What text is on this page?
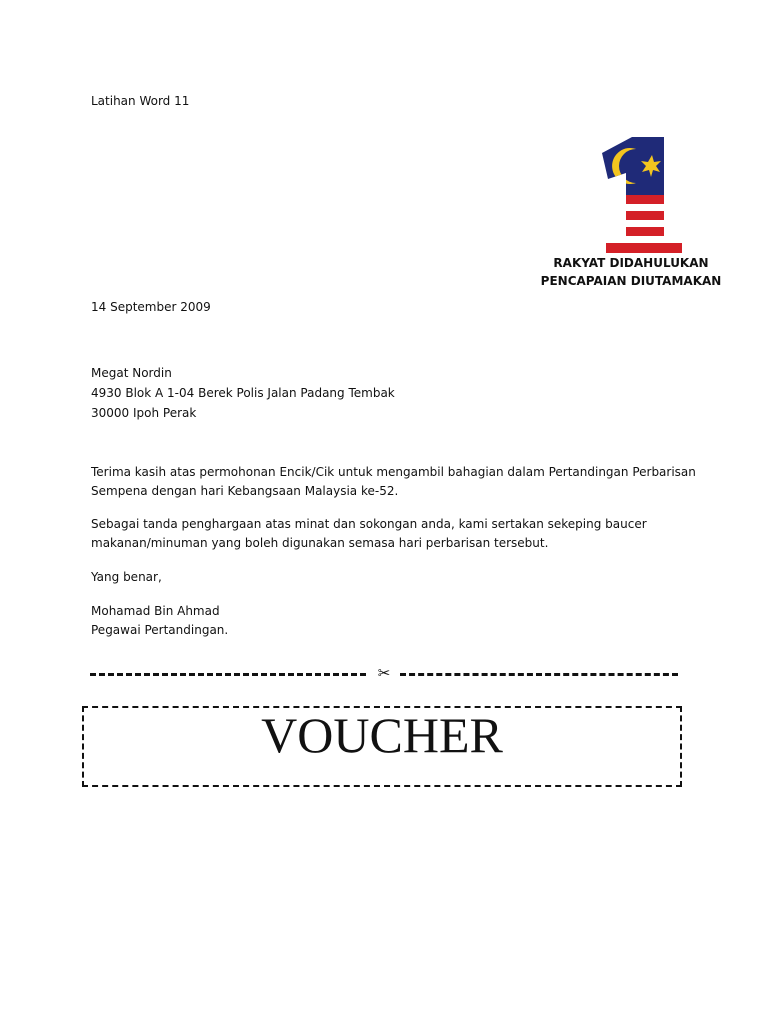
Latihan Word 11
RAKYAT DIDAHULUKAN
PENCAPAIAN DIUTAMAKAN
14 September 2009
Megat Nordin
4930 Blok A 1-04 Berek Polis Jalan Padang Tembak
30000 Ipoh Perak
Terima kasih atas permohonan Encik/Cik untuk mengambil bahagian dalam Pertandingan Perbarisan
Sempena dengan hari Kebangsaan Malaysia ke-52.
Sebagai tanda penghargaan atas minat dan sokongan anda, kami sertakan sekeping baucer
makanan/minuman yang boleh digunakan semasa hari perbarisan tersebut.
Yang benar,
Mohamad Bin Ahmad
Pegawai Pertandingan.
✂
VOUCHER
